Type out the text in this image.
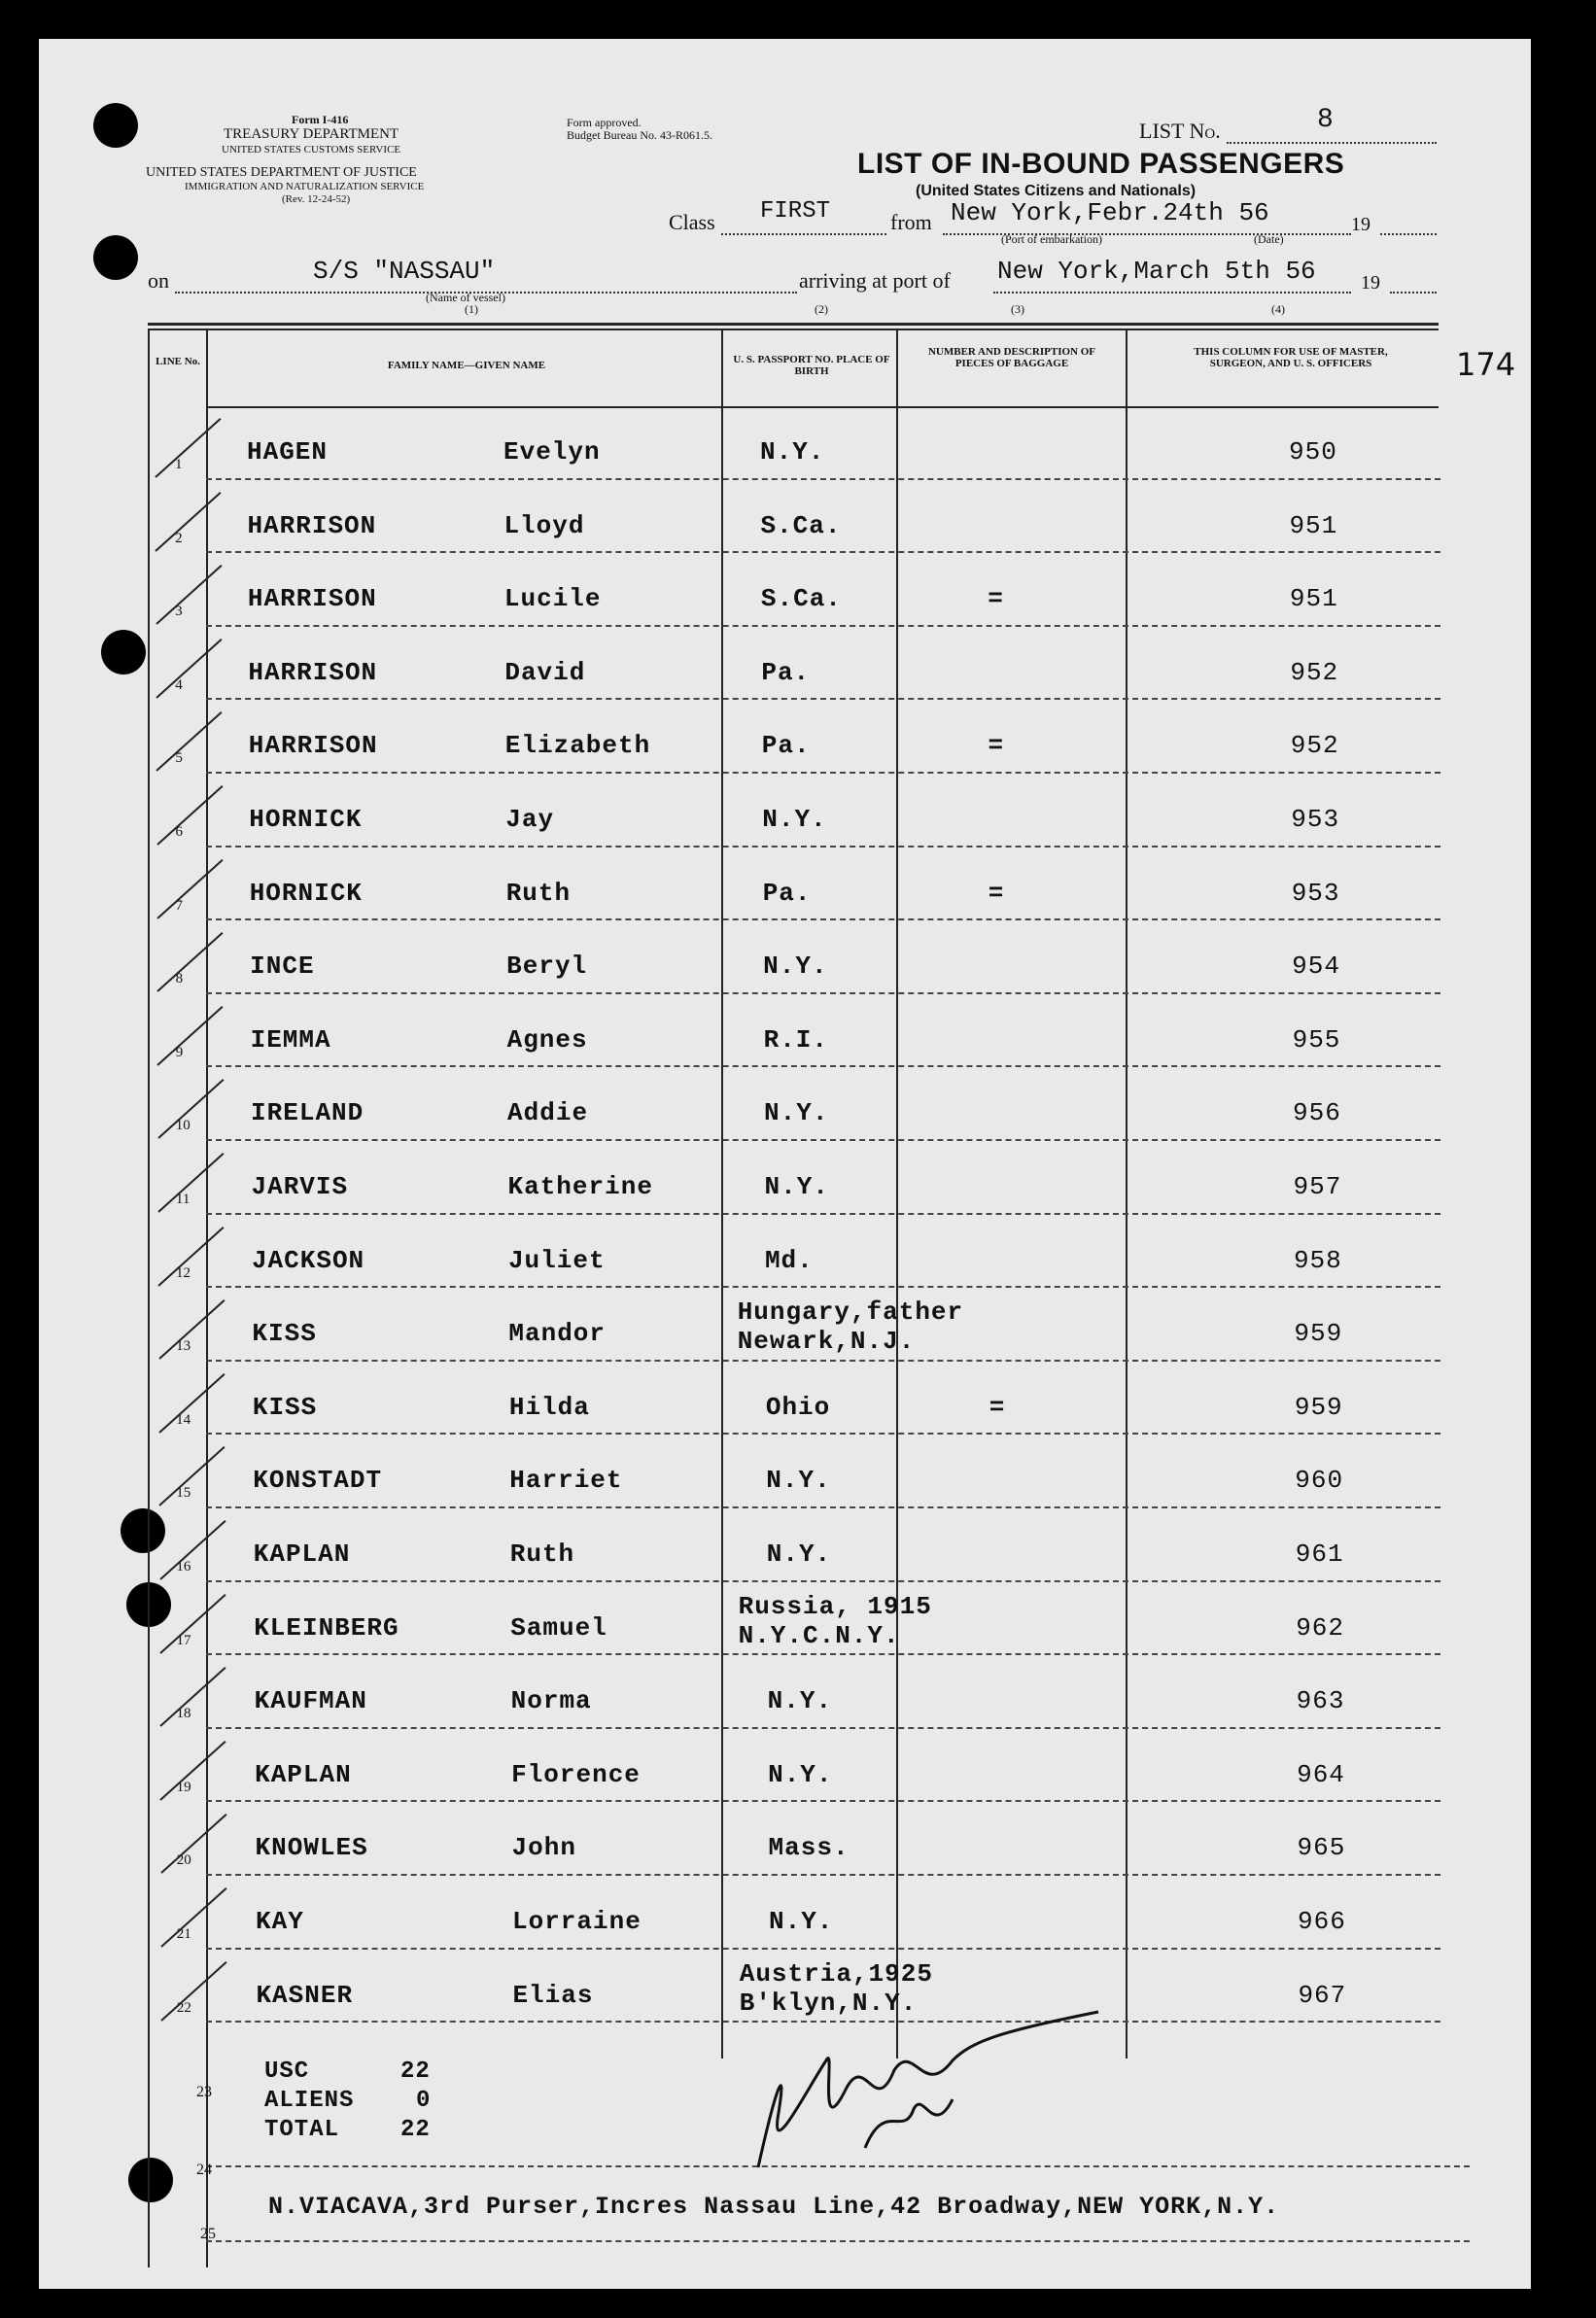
Form I-416
TREASURY DEPARTMENT
UNITED STATES CUSTOMS SERVICE
UNITED STATES DEPARTMENT OF JUSTICE
IMMIGRATION AND NATURALIZATION SERVICE
(Rev. 12-24-52)
Form approved.
Budget Bureau No. 43-R061.5.	LIST No.	8
LIST OF IN-BOUND PASSENGERS
(United States Citizens and Nationals)
Class FIRST	from New York,Febr.24th 56
(Port of embarkation)	(Date)
19
on	S/S "NASSAU"
(Name of vessel)
(1)
arriving at port of New York,March 5th 56 19
(2)	(3)	(4)
174
LINE No.	FAMILY NAME—GIVEN NAME	U. S. PASSPORT NO. PLACE OF BIRTH
NUMBER AND DESCRIPTION OF PIECES OF BAGGAGE
THIS COLUMN FOR USE OF MASTER, SURGEON, AND U. S. OFFICERS
1	HAGEN	Evelyn	N.Y.	950
2	HARRISON	Lloyd	S.Ca.	951
3	HARRISON	Lucile	S.Ca.	=	951
4	HARRISON	David	Pa.	952
5	HARRISON	Elizabeth	Pa.	=	952
6	HORNICK	Jay	N.Y.	953
7	HORNICK	Ruth	Pa.	=	953
8	INCE	Beryl	N.Y.	954
9	IEMMA	Agnes	R.I.	955
10 IRELAND	Addie	N.Y.	956
11 JARVIS	Katherine	N.Y.	957
12 JACKSON	Juliet	Md.	958
13 KISS	Mandor
Hungary,father
Newark,N.J.	959
14 KISS	Hilda	Ohio	=	959
15 KONSTADT	Harriet	N.Y.	960
16 KAPLAN	Ruth	N.Y.	961
17 KLEINBERG	Samuel
Russia, 1915
N.Y.C.N.Y.	962
18	KAUFMAN	Norma	N.Y.	963
19	KAPLAN	Florence	N.Y.	964
20	KNOWLES	John	Mass.	965
21	KAY	Lorraine	N.Y.	966
22	KASNER	Elias
Austria,1925
B'klyn,N.Y.	967
USC	22
ALIENS	0
TOTAL	22
23
24
25
N.VIACAVA,3rd Purser,Incres Nassau Line,42 Broadway,NEW YORK,N.Y.
